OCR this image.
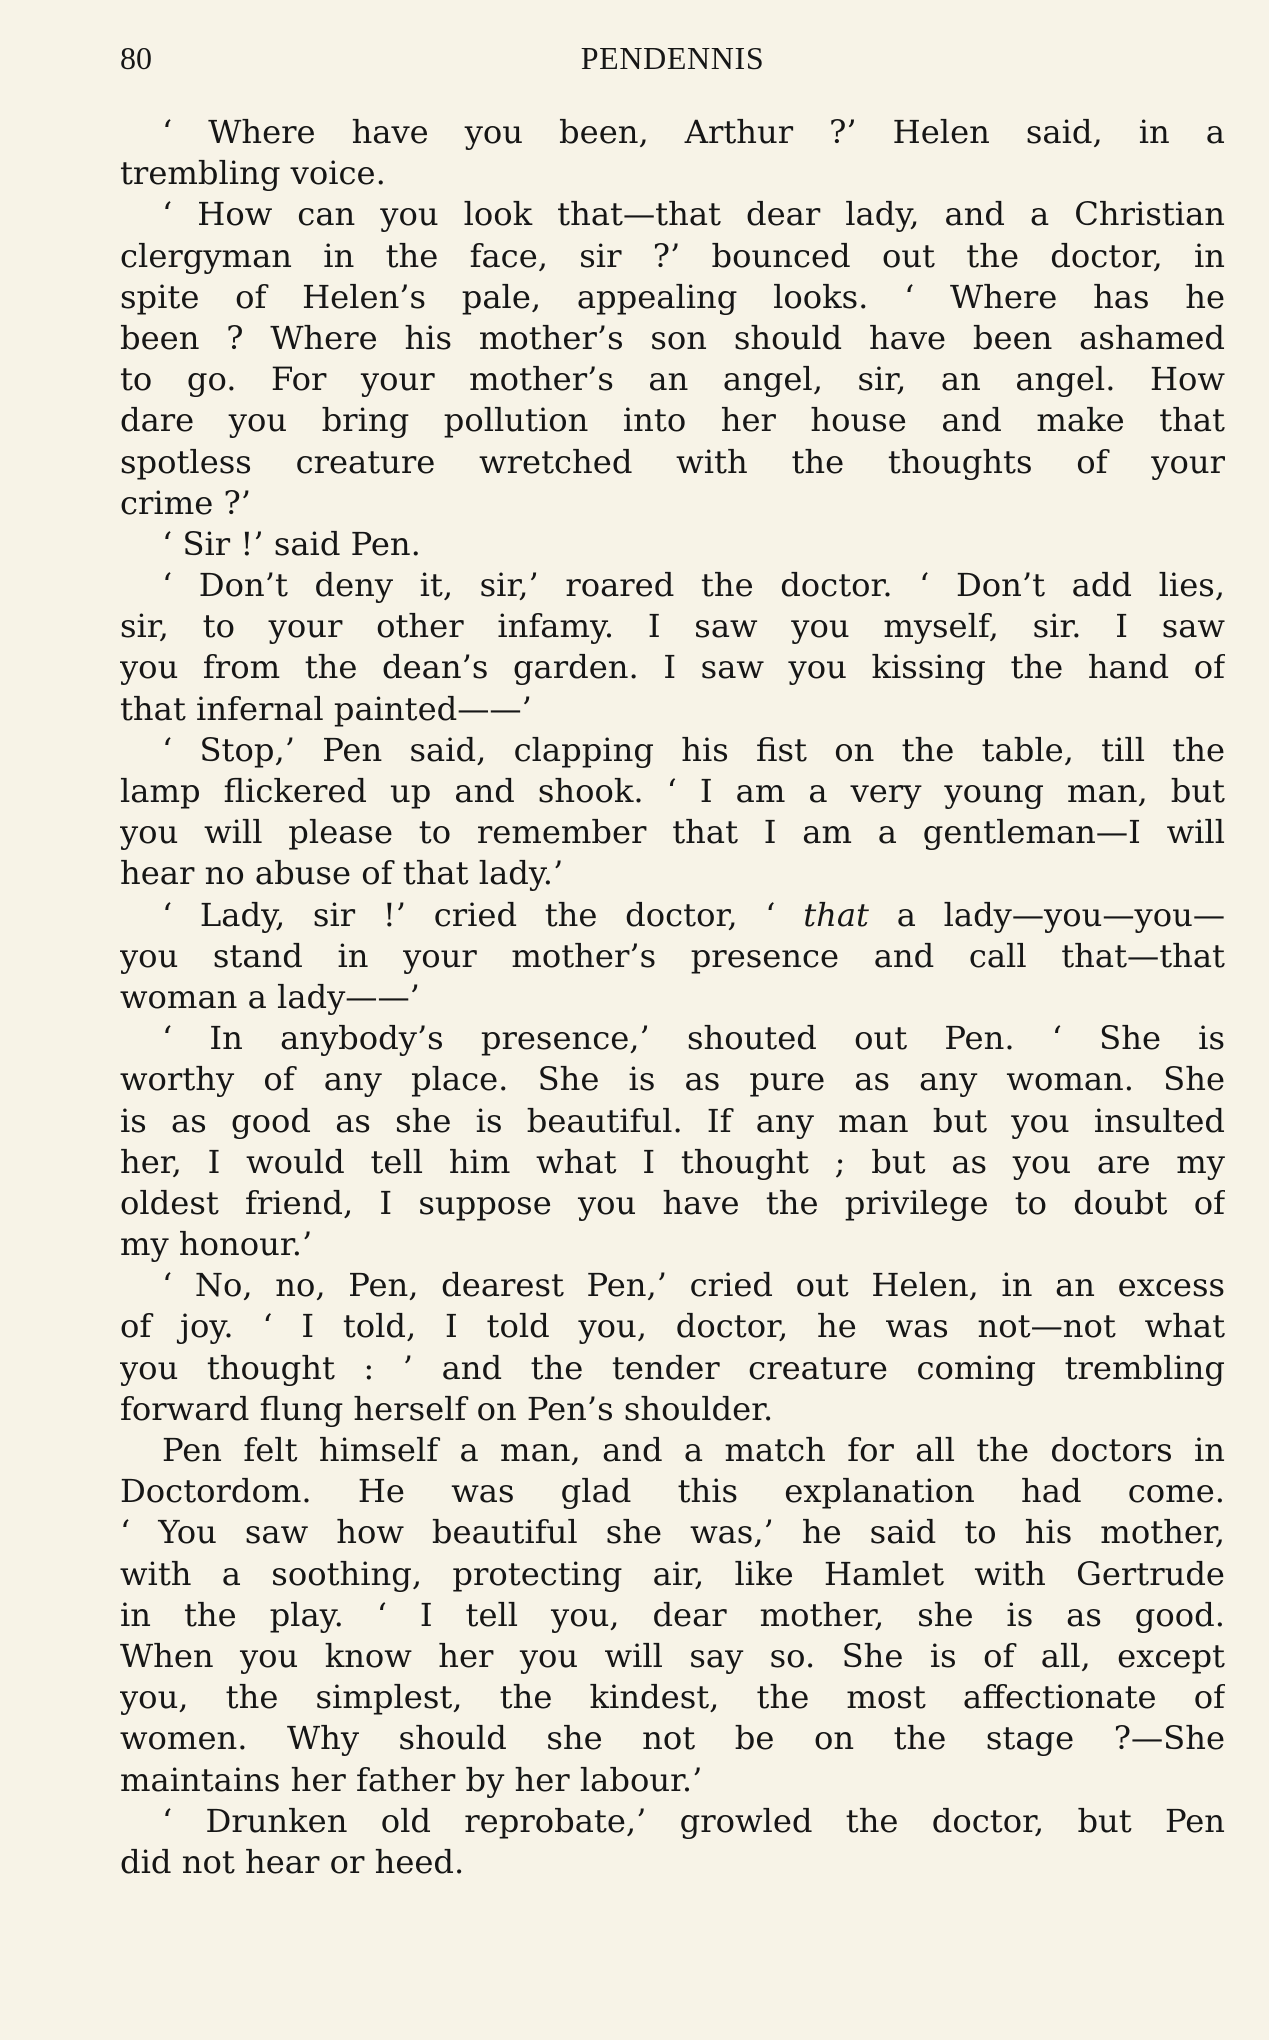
80	PENDENNIS
‘ Where have you been, Arthur ?’ Helen said, in a
trembling voice.
‘ How can you look that—that dear lady, and a Christian
clergyman in the face, sir ?’ bounced out the doctor, in
spite of Helen’s pale, appealing looks. ‘ Where has he
been ? Where his mother’s son should have been ashamed
to go. For your mother’s an angel, sir, an angel. How
dare you bring pollution into her house and make that
spotless creature wretched with the thoughts of your
crime ?’
‘ Sir !’ said Pen.
‘ Don’t deny it, sir,’ roared the doctor. ‘ Don’t add lies,
sir, to your other infamy. I saw you myself, sir. I saw
you from the dean’s garden. I saw you kissing the hand of
that infernal painted——’
‘ Stop,’ Pen said, clapping his fist on the table, till the
lamp flickered up and shook. ‘ I am a very young man, but
you will please to remember that I am a gentleman—I will
hear no abuse of that lady.’
‘ Lady, sir !’ cried the doctor, ‘ that a lady—you—you—
you stand in your mother’s presence and call that—that
woman a lady——’
‘ In anybody’s presence,’ shouted out Pen. ‘ She is
worthy of any place. She is as pure as any woman. She
is as good as she is beautiful. If any man but you insulted
her, I would tell him what I thought ; but as you are my
oldest friend, I suppose you have the privilege to doubt of
my honour.’
‘ No, no, Pen, dearest Pen,’ cried out Helen, in an excess
of joy. ‘ I told, I told you, doctor, he was not—not what
you thought : ’ and the tender creature coming trembling
forward flung herself on Pen’s shoulder.
Pen felt himself a man, and a match for all the doctors in
Doctordom. He was glad this explanation had come.
‘ You saw how beautiful she was,’ he said to his mother,
with a soothing, protecting air, like Hamlet with Gertrude
in the play. ‘ I tell you, dear mother, she is as good.
When you know her you will say so. She is of all, except
you, the simplest, the kindest, the most affectionate of
women. Why should she not be on the stage ?—She
maintains her father by her labour.’
‘ Drunken old reprobate,’ growled the doctor, but Pen
did not hear or heed.
